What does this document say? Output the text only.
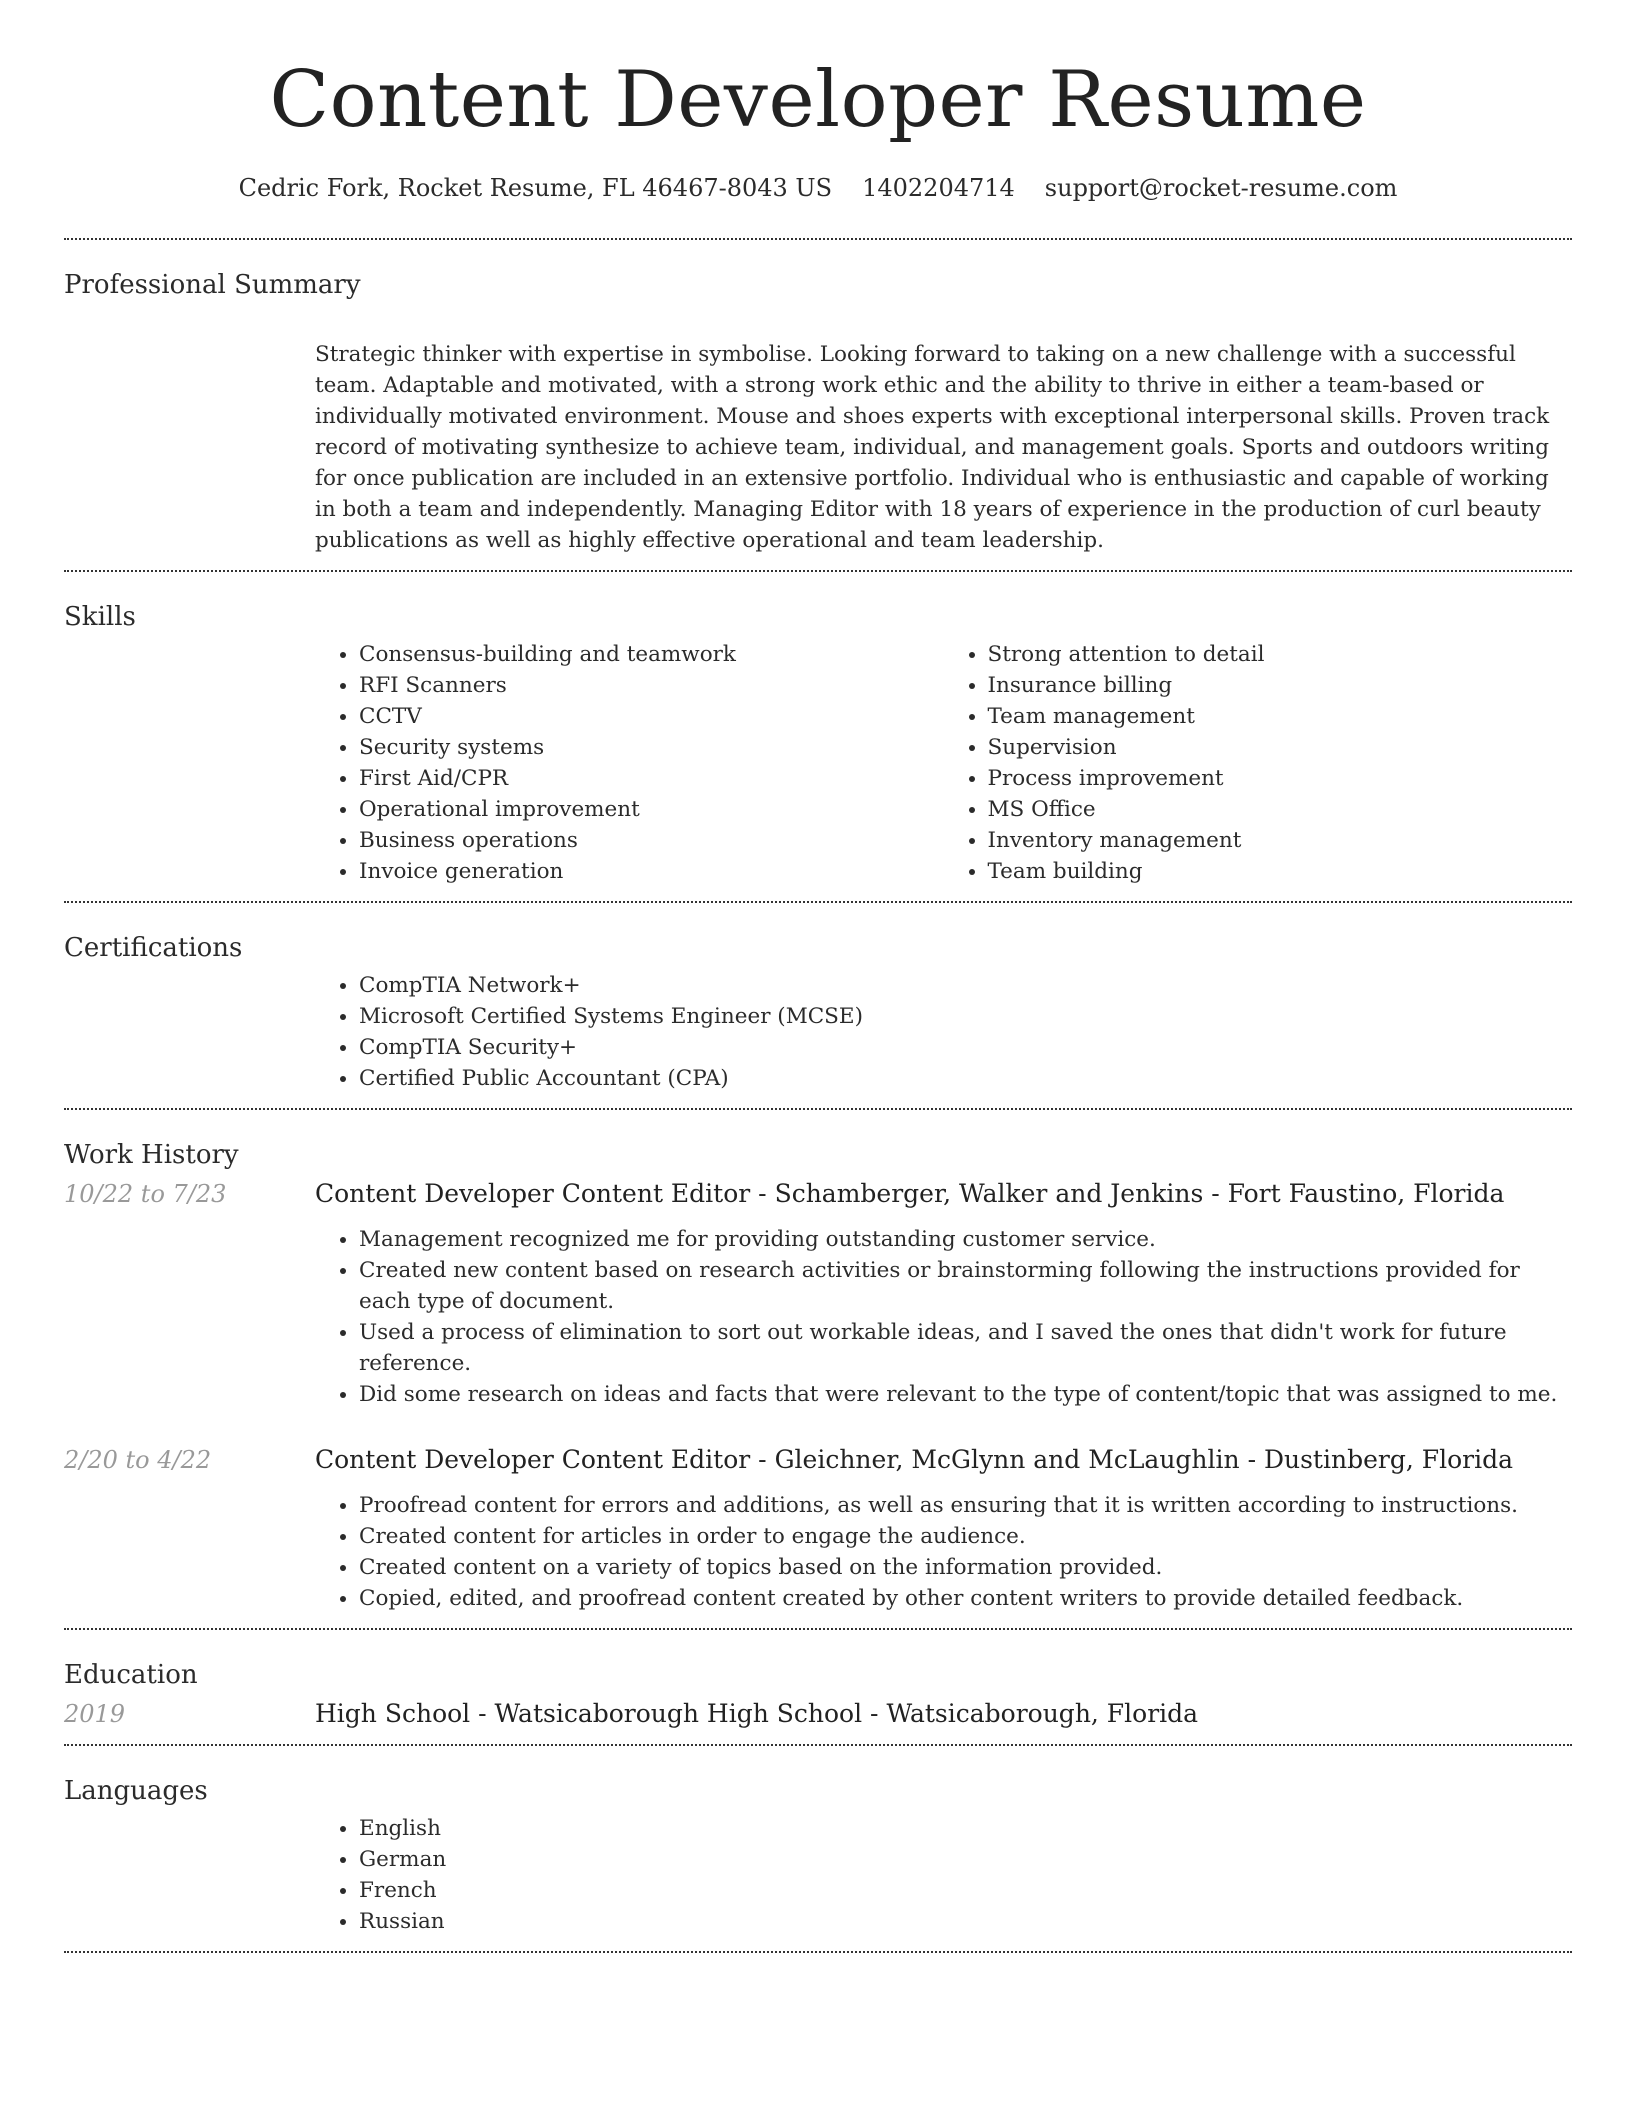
Content Developer Resume
Cedric Fork, Rocket Resume, FL 46467-8043 US 1402204714 support@rocket-resume.com
Professional Summary

Strategic thinker with expertise in symbolise. Looking forward to taking on a new challenge with a successful team. Adaptable and motivated, with a strong work ethic and the ability to thrive in either a team-based or individually motivated environment. Mouse and shoes experts with exceptional interpersonal skills. Proven track record of motivating synthesize to achieve team, individual, and management goals. Sports and outdoors writing for once publication are included in an extensive portfolio. Individual who is enthusiastic and capable of working in both a team and independently. Managing Editor with 18 years of experience in the production of curl beauty publications as well as highly effective operational and team leadership.

Skills
• Consensus-building and teamwork
• RFI Scanners
• CCTV
• Security systems
• First Aid/CPR
• Operational improvement
• Business operations
• Invoice generation
• Strong attention to detail
• Insurance billing
• Team management
• Supervision
• Process improvement
• MS Office
• Inventory management
• Team building
Certifications
• CompTIA Network+
• Microsoft Certified Systems Engineer (MCSE)
• CompTIA Security+
• Certified Public Accountant (CPA)
Work History
10/22 to 7/23	Content Developer Content Editor - Schamberger, Walker and Jenkins - Fort Faustino, Florida
• Management recognized me for providing outstanding customer service.
• Created new content based on research activities or brainstorming following the instructions provided for each type of document.
• Used a process of elimination to sort out workable ideas, and I saved the ones that didn't work for future reference.
• Did some research on ideas and facts that were relevant to the type of content/topic that was assigned to me.
2/20 to 4/22	Content Developer Content Editor - Gleichner, McGlynn and McLaughlin - Dustinberg, Florida
• Proofread content for errors and additions, as well as ensuring that it is written according to instructions.
• Created content for articles in order to engage the audience.
• Created content on a variety of topics based on the information provided.
• Copied, edited, and proofread content created by other content writers to provide detailed feedback.
Education
2019	High School - Watsicaborough High School - Watsicaborough, Florida
Languages
• English
• German
• French
• Russian
